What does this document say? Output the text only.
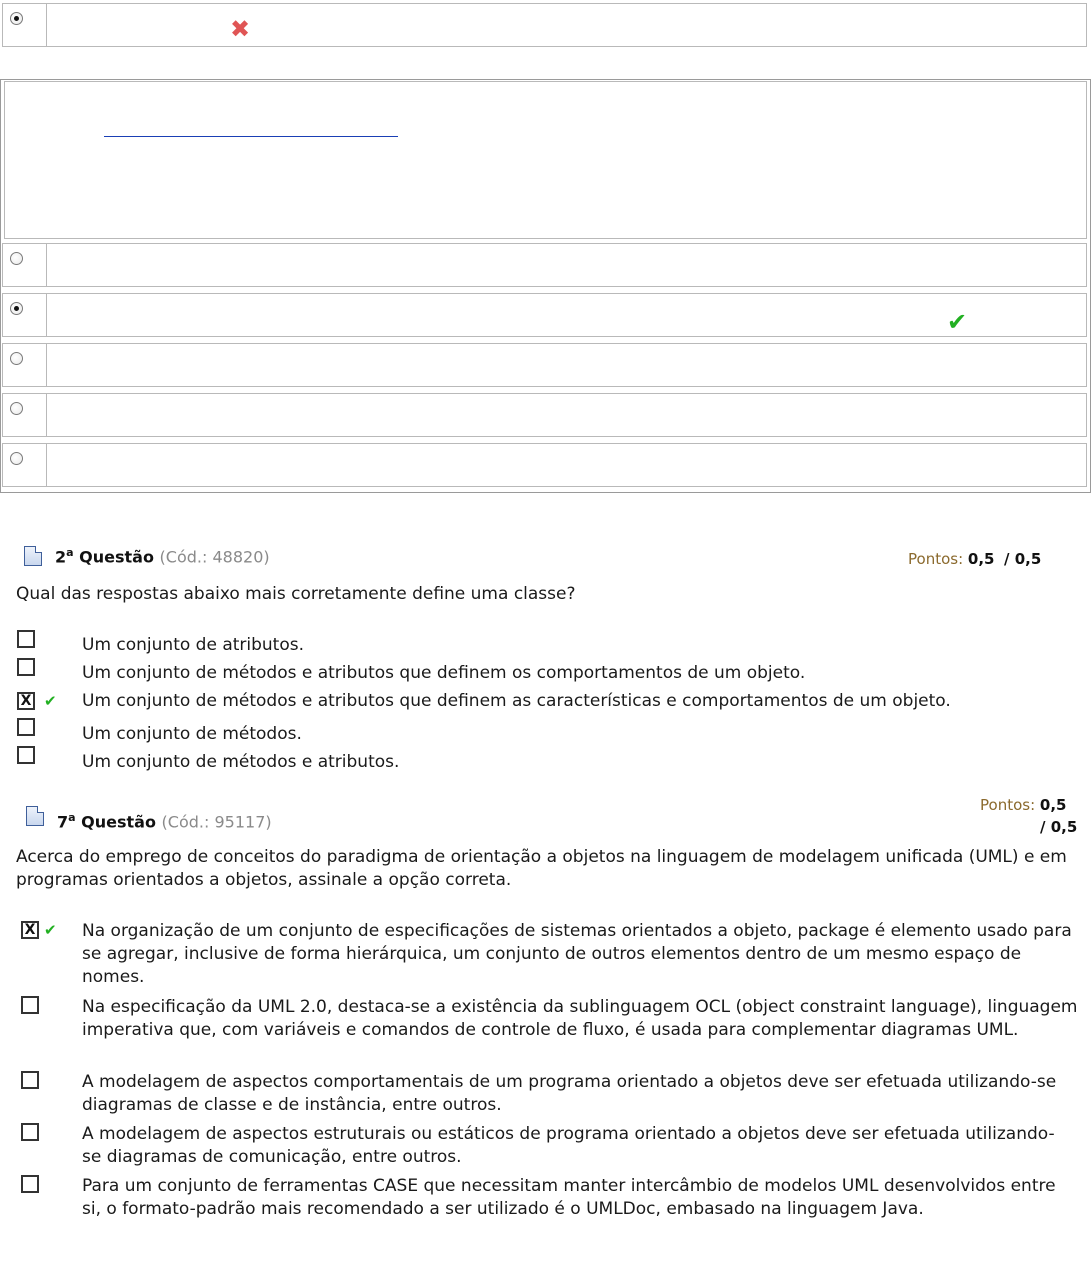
✖
✔
2$^a$ Questão (Cód.: 48820)	Pontos: 0,5 / 0,5
Qual das respostas abaixo mais corretamente define uma classe?
Um conjunto de atributos.
Um conjunto de métodos e atributos que definem os comportamentos de um objeto.
X ✔ Um conjunto de métodos e atributos que definem as características e comportamentos de um objeto.
Um conjunto de métodos.
Um conjunto de métodos e atributos.
7$^a$ Questão (Cód.: 95117)
Pontos: 0,5
/ 0,5
Acerca do emprego de conceitos do paradigma de orientação a objetos na linguagem de modelagem unificada (UML) e em programas orientados a objetos, assinale a opção correta.
X ✔ Na organização de um conjunto de especificações de sistemas orientados a objeto, package é elemento usado para se agregar, inclusive de forma hierárquica, um conjunto de outros elementos dentro de um mesmo espaço de nomes.
Na especificação da UML 2.0, destaca-se a existência da sublinguagem OCL (object constraint language), linguagem imperativa que, com variáveis e comandos de controle de fluxo, é usada para complementar diagramas UML.
A modelagem de aspectos comportamentais de um programa orientado a objetos deve ser efetuada utilizando-se diagramas de classe e de instância, entre outros.
A modelagem de aspectos estruturais ou estáticos de programa orientado a objetos deve ser efetuada utilizando-se diagramas de comunicação, entre outros.
Para um conjunto de ferramentas CASE que necessitam manter intercâmbio de modelos UML desenvolvidos entre si, o formato-padrão mais recomendado a ser utilizado é o UMLDoc, embasado na linguagem Java.
